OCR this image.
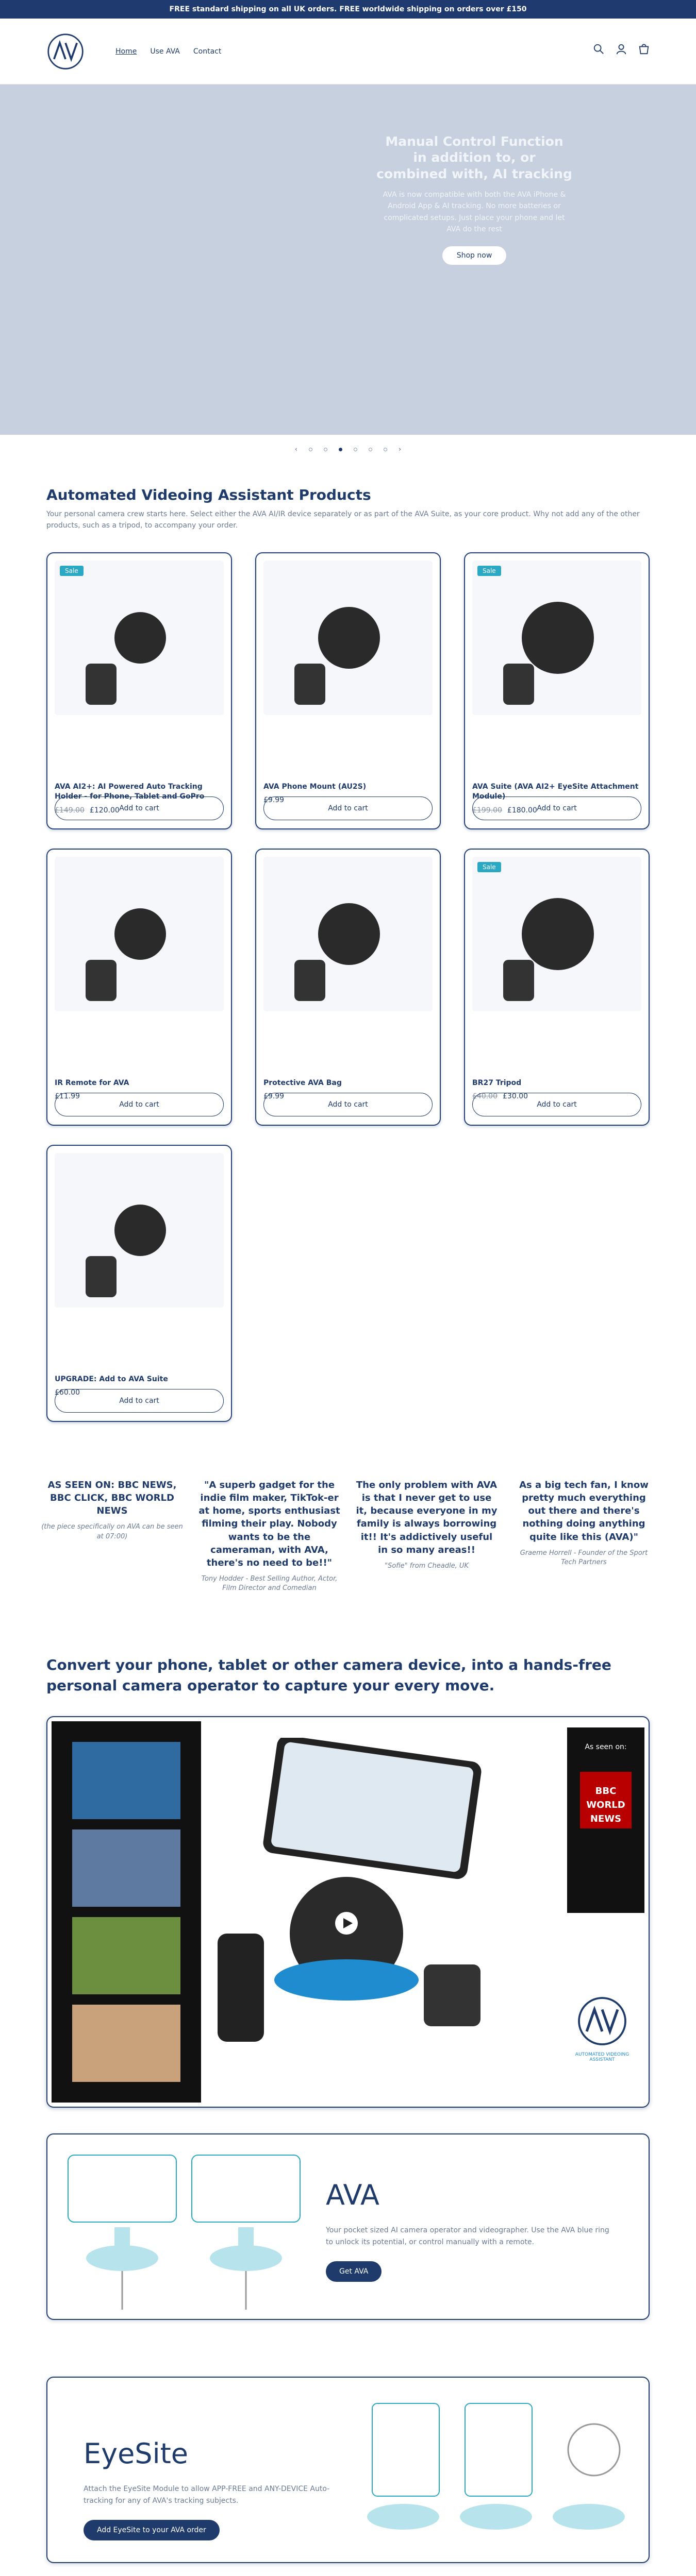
FREE standard shipping on all UK orders. FREE worldwide shipping on orders over £150
Home Use AVA Contact
Manual Control Function in addition to, or combined with, AI tracking

AVA is now compatible with both the AVA iPhone & Android App & AI tracking. No more batteries or complicated setups. Just place your phone and let AVA do the rest

Shop now
‹	›
Automated Videoing Assistant Products

Your personal camera crew starts here. Select either the AVA AI/IR device separately or as part of the AVA Suite, as your core product. Why not add any of the other products, such as a tripod, to accompany your order.

Sale
AVA AI2+: AI Powered Auto Tracking Holder - for Phone, Tablet and GoPro
£149.00 £120.00 Add to cart
AVA Phone Mount (AU2S)
£9.99
Add to cart
Sale
AVA Suite (AVA AI2+ EyeSite Attachment Module)
£199.00 £180.00 Add to cart
IR Remote for AVA
£11.99
Add to cart
Protective AVA Bag
£9.99
Add to cart
Sale
BR27 Tripod
£40.00 £30.00
Add to cart
UPGRADE: Add to AVA Suite
£60.00
Add to cart
AS SEEN ON: BBC NEWS, BBC CLICK, BBC WORLD NEWS
(the piece specifically on AVA can be seen at 07:00)
"A superb gadget for the indie film maker, TikTok-er at home, sports enthusiast filming their play. Nobody wants to be the cameraman, with AVA, there's no need to be!!"
Tony Hodder - Best Selling Author, Actor, Film Director and Comedian
The only problem with AVA is that I never get to use it, because everyone in my family is always borrowing it!! It's addictively useful in so many areas!!
"Sofie" from Cheadle, UK
As a big tech fan, I know pretty much everything out there and there's nothing doing anything quite like this (AVA)"
Graeme Horrell - Founder of the Sport Tech Partners
Convert your phone, tablet or other camera device, into a hands-free personal camera operator to capture your every move.
As seen on:
BBC
WORLD NEWS
AUTOMATED VIDEOING ASSISTANT
AVA

Your pocket sized AI camera operator and videographer. Use the AVA blue ring to unlock its potential, or control manually with a remote.

Get AVA
EyeSite

Attach the EyeSite Module to allow APP-FREE and ANY-DEVICE Auto-tracking for any of AVA's tracking subjects.

Add EyeSite to your AVA order
